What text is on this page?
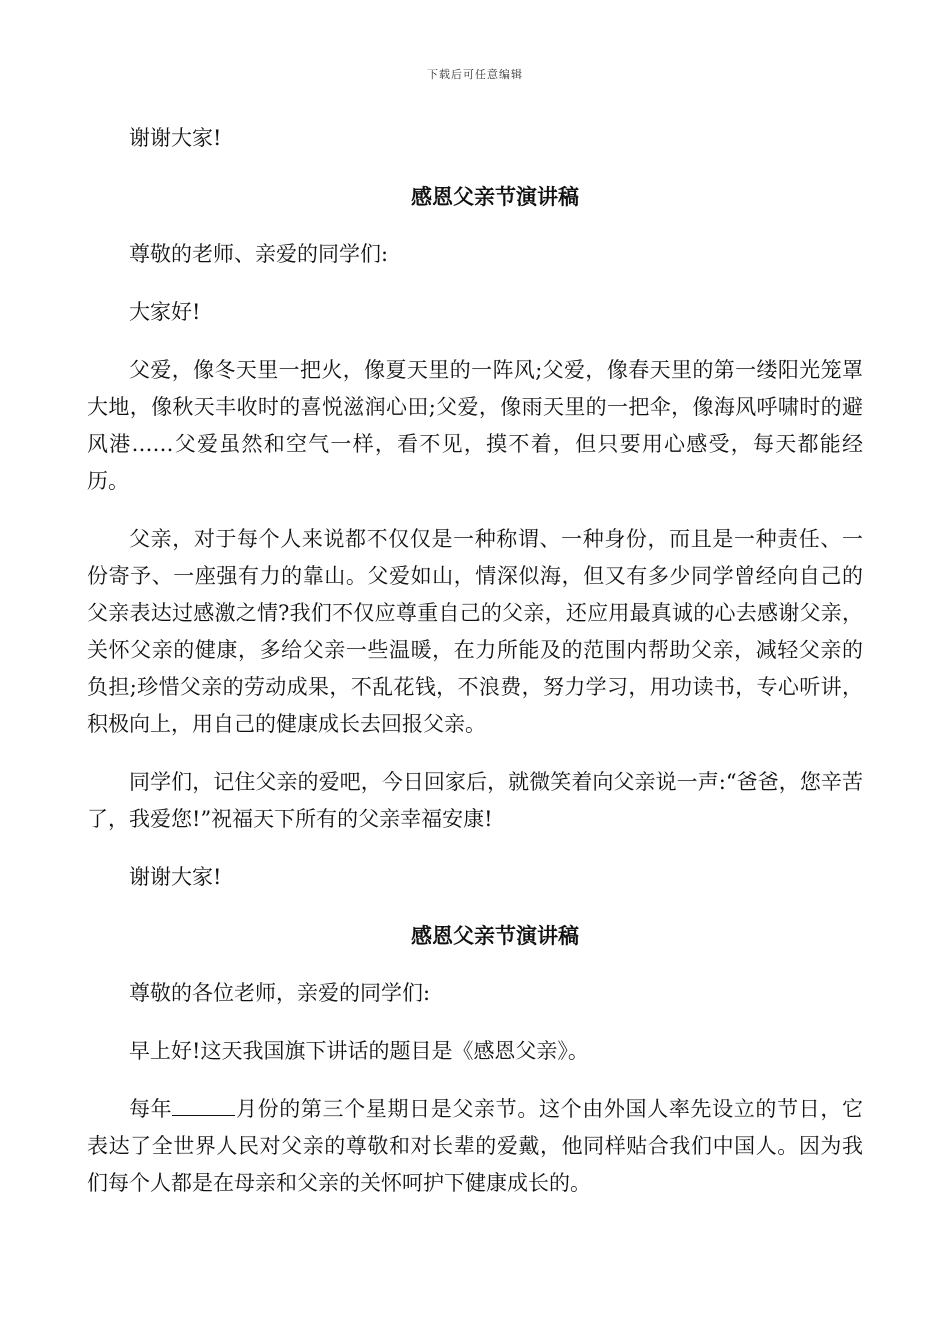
下载后可任意编辑

谢谢大家!

感恩父亲节演讲稿

尊敬的老师、亲爱的同学们:

大家好!

父爱，像冬天里一把火，像夏天里的一阵风;父爱，像春天里的第一缕阳光笼罩大地，像秋天丰收时的喜悦滋润心田;父爱，像雨天里的一把伞，像海风呼啸时的避风港……父爱虽然和空气一样，看不见，摸不着，但只要用心感受，每天都能经历。

父亲，对于每个人来说都不仅仅是一种称谓、一种身份，而且是一种责任、一份寄予、一座强有力的靠山。父爱如山，情深似海，但又有多少同学曾经向自己的父亲表达过感激之情?我们不仅应尊重自己的父亲，还应用最真诚的心去感谢父亲，关怀父亲的健康，多给父亲一些温暖，在力所能及的范围内帮助父亲，减轻父亲的负担;珍惜父亲的劳动成果，不乱花钱，不浪费，努力学习，用功读书，专心听讲，积极向上，用自己的健康成长去回报父亲。

同学们，记住父亲的爱吧，今日回家后，就微笑着向父亲说一声:“爸爸，您辛苦了，我爱您!”祝福天下所有的父亲幸福安康!

谢谢大家!

感恩父亲节演讲稿

尊敬的各位老师，亲爱的同学们:

早上好!这天我国旗下讲话的题目是《感恩父亲》。

每年	月份的第三个星期日是父亲节。这个由外国人率先设立的节日，它表达了全世界人民对父亲的尊敬和对长辈的爱戴，他同样贴合我们中国人。因为我们每个人都是在母亲和父亲的关怀呵护下健康成长的。
